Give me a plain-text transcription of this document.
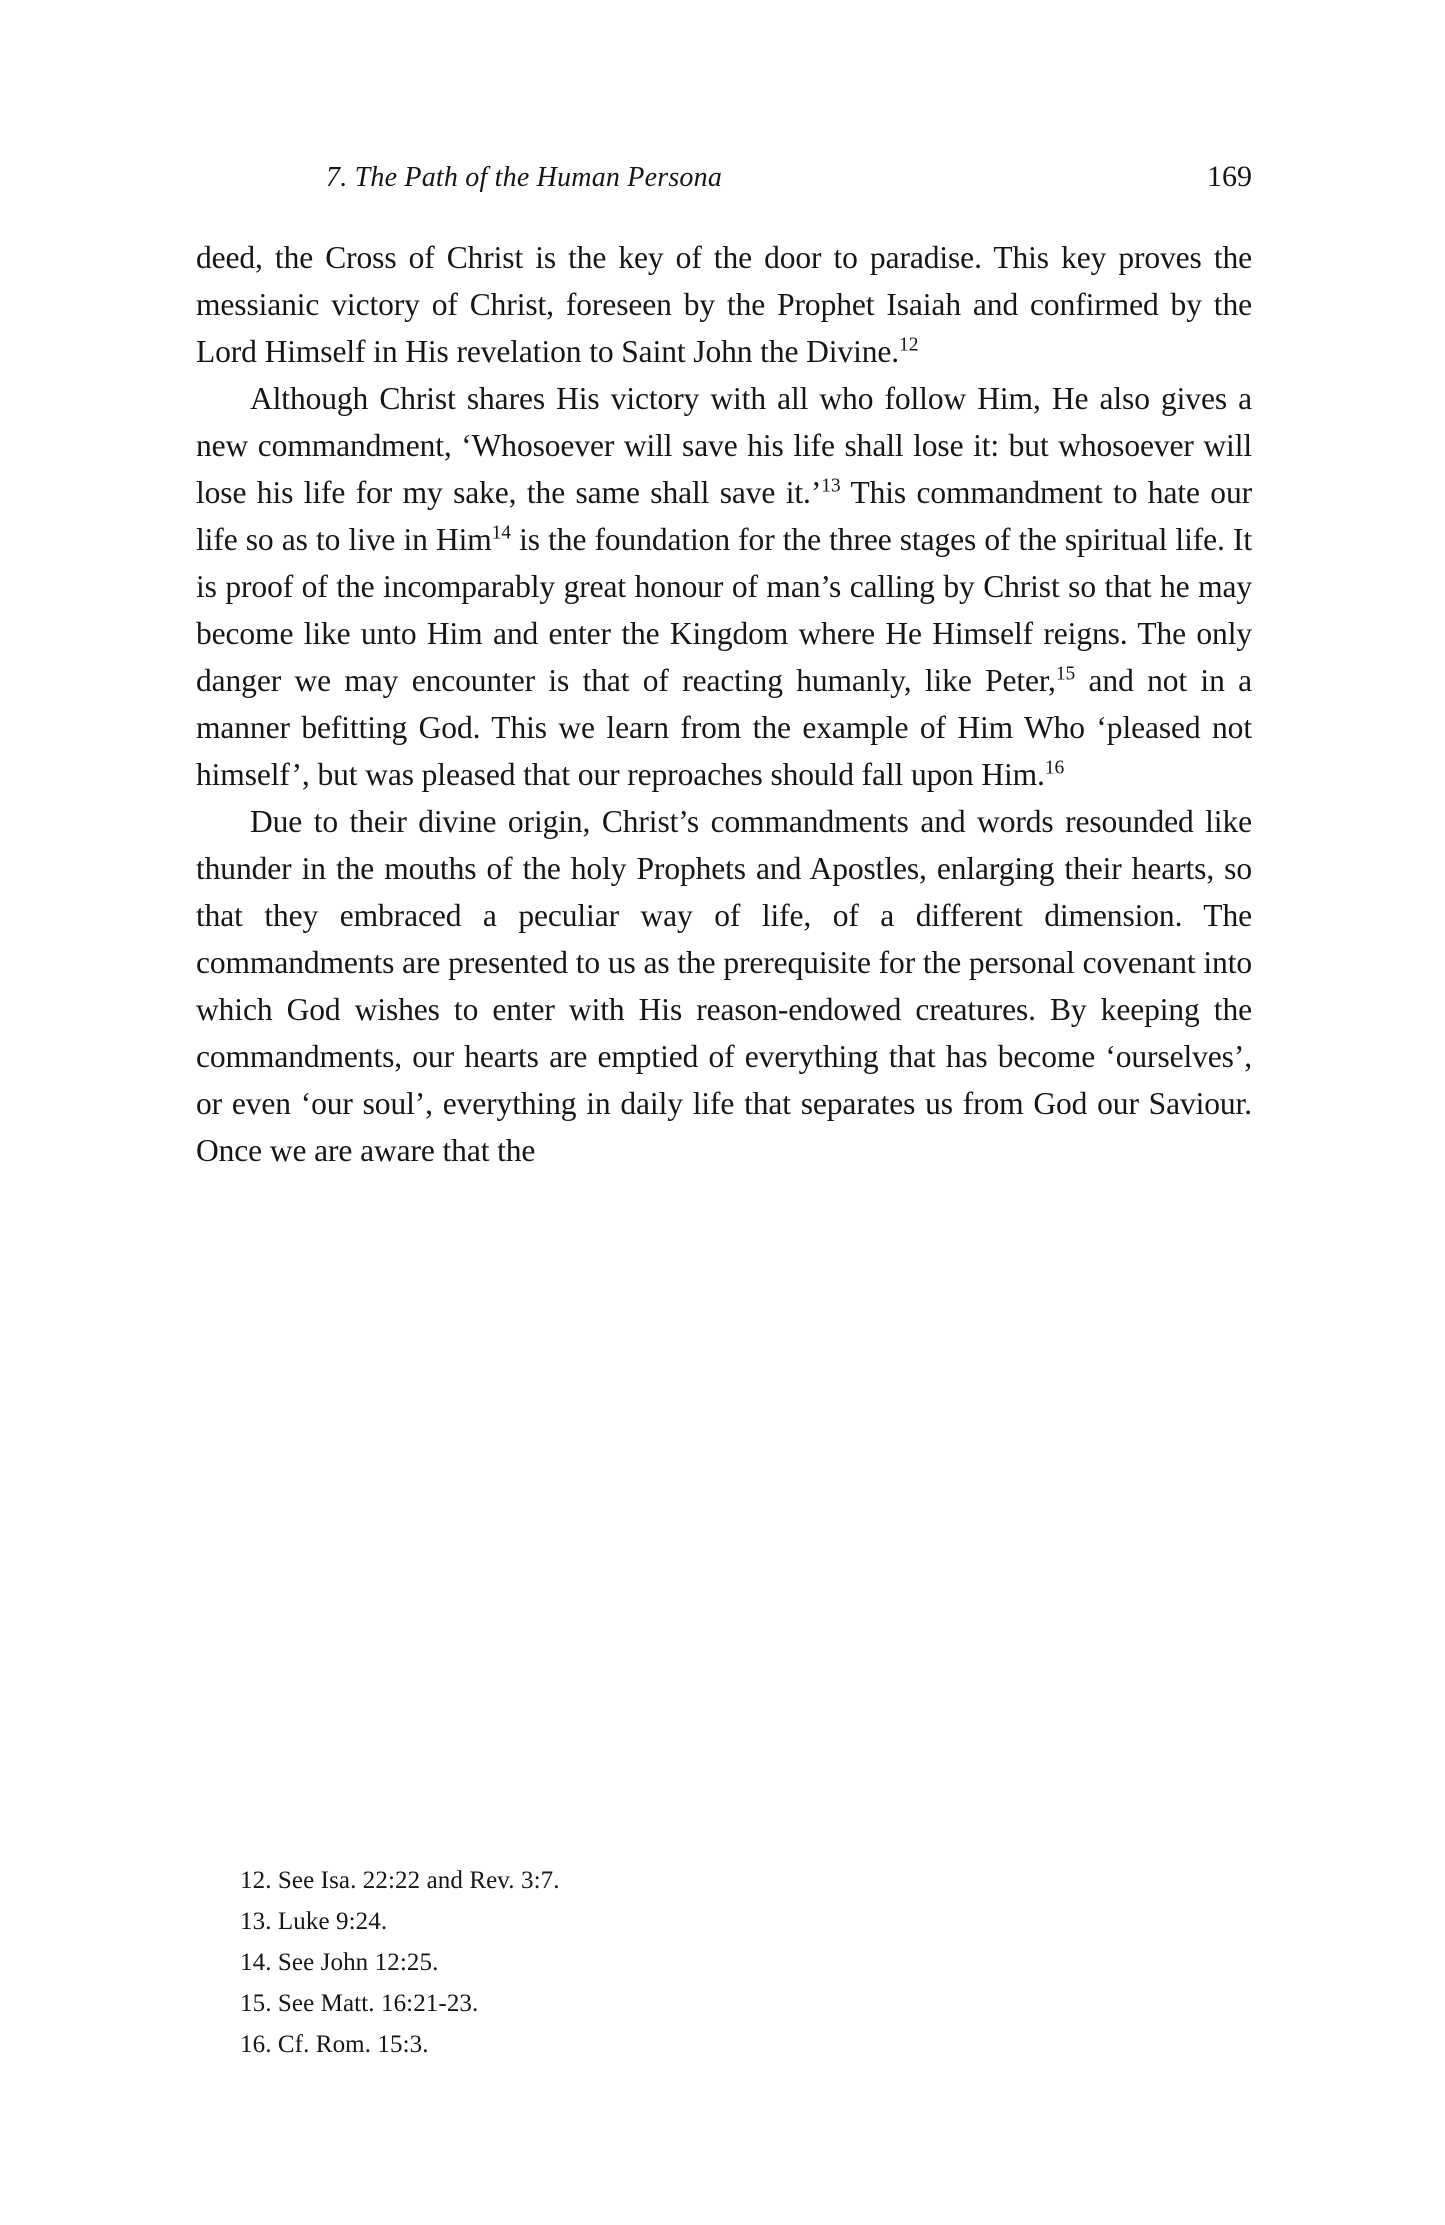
7. The Path of the Human Persona	169

deed, the Cross of Christ is the key of the door to paradise. This key proves the messianic victory of Christ, foreseen by the Prophet Isaiah and confirmed by the Lord Himself in His revelation to Saint John the Divine.$^{12}$

Although Christ shares His victory with all who follow Him, He also gives a new commandment, ‘Whosoever will save his life shall lose it: but whosoever will lose his life for my sake, the same shall save it.’$^{13}$ This commandment to hate our life so as to live in Him$^{14}$ is the foundation for the three stages of the spiritual life. It is proof of the incomparably great honour of man’s calling by Christ so that he may become like unto Him and enter the Kingdom where He Himself reigns. The only danger we may encounter is that of reacting humanly, like Peter,$^{15}$ and not in a manner befitting God. This we learn from the example of Him Who ‘pleased not himself’, but was pleased that our reproaches should fall upon Him.$^{16}$

Due to their divine origin, Christ’s commandments and words resounded like thunder in the mouths of the holy Prophets and Apostles, enlarging their hearts, so that they embraced a peculiar way of life, of a different dimension. The commandments are presented to us as the prerequisite for the personal covenant into which God wishes to enter with His reason-endowed creatures. By keeping the commandments, our hearts are emptied of everything that has become ‘ourselves’, or even ‘our soul’, everything in daily life that separates us from God our Saviour. Once we are aware that the

12. See Isa. 22:22 and Rev. 3:7.
13. Luke 9:24.
14. See John 12:25.
15. See Matt. 16:21-23.
16. Cf. Rom. 15:3.
